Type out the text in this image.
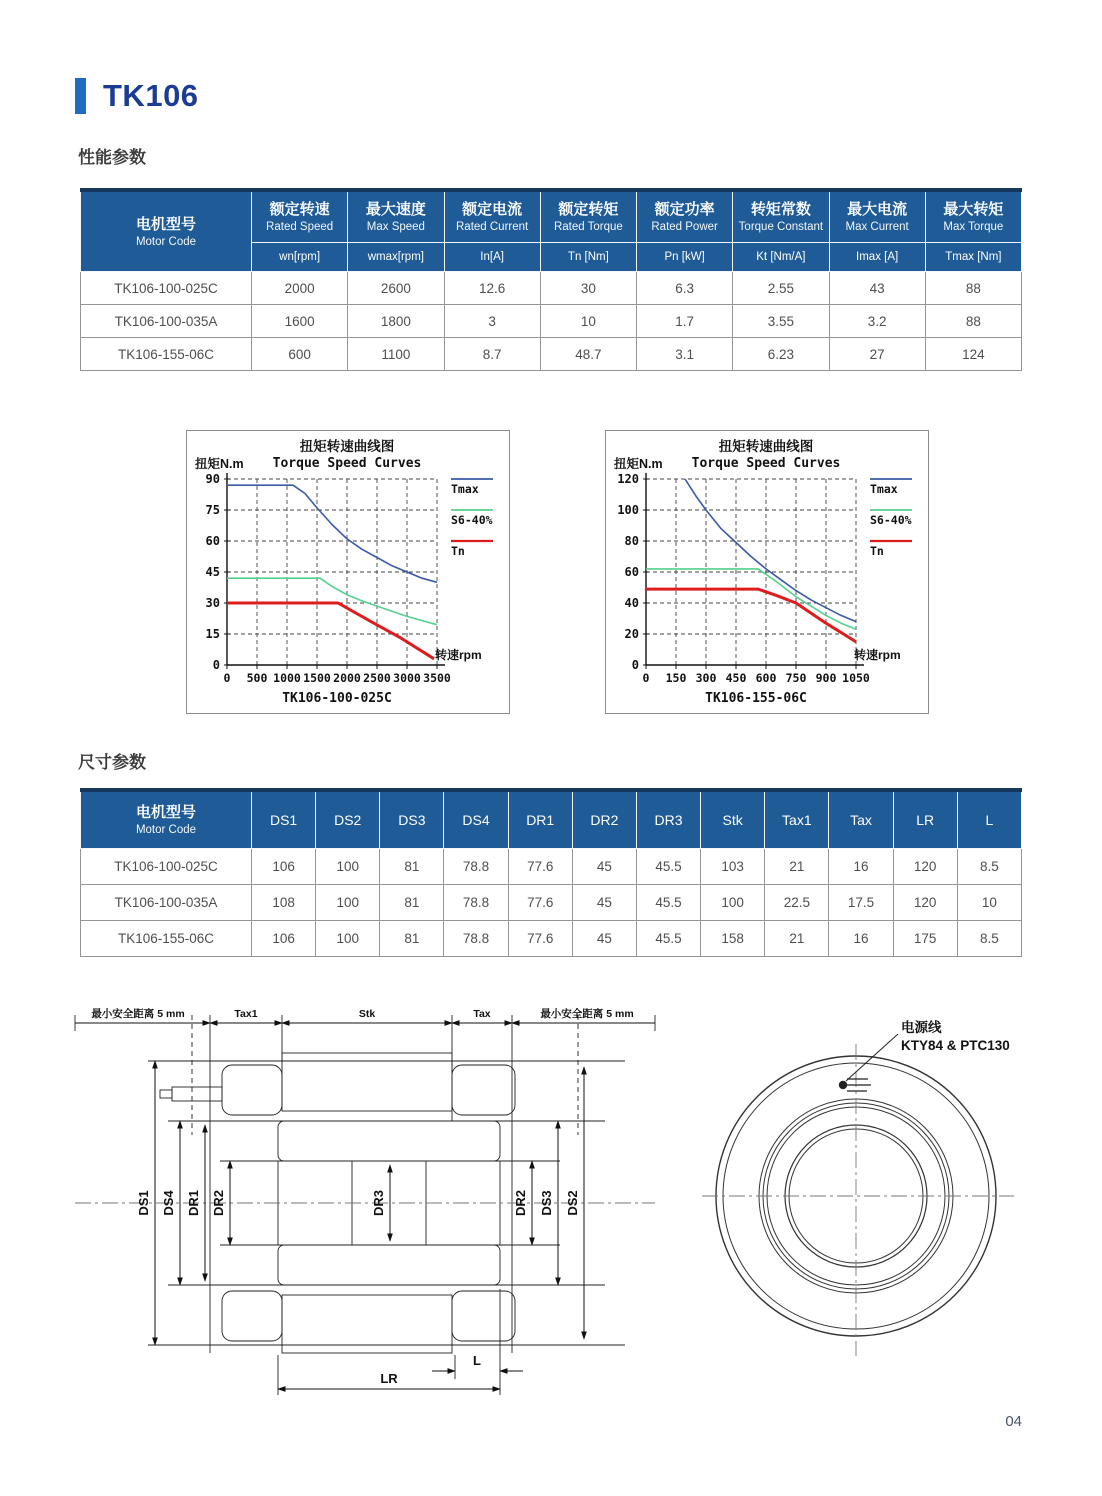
TK106
性能参数
电机型号
Motor Code

额定转速
Rated Speed

最大速度
Max Speed

额定电流
Rated Current

额定转矩
Rated Torque

额定功率
Rated Power

转矩常数
Torque Constant

最大电流
Max Current

最大转矩
Max Torque

	wn[rpm]	wmax[rpm]	In[A]	Tn [Nm]	Pn [kW]	Kt [Nm/A]	Imax [A]	Tmax [Nm]
TK106-100-025C	2000	2600	12.6	30	6.3	2.55	43	88
TK106-100-035A	1600	1800	3	10	1.7	3.55	3.2	88
TK106-155-06C	600	1100	8.7	48.7	3.1	6.23	27	124
扭矩转速曲线图
Torque Speed Curves
扭矩N.m
0
15
30
45
60
75
90
0 500 1000 1500 2000 2500 3000 3500
转速rpm
Tmax
S6-40%
Tn
TK106-100-025C
扭矩转速曲线图
Torque Speed Curves
扭矩N.m
0
20
40
60
80
100
120
0 150 300 450 600 750 900 1050
转速rpm
Tmax
S6-40%
Tn
TK106-155-06C
尺寸参数
电机型号
Motor Code	DS1	DS2	DS3	DS4	DR1	DR2	DR3	Stk	Tax1	Tax	LR	L
TK106-100-025C	106	100	81	78.8	77.6	45	45.5	103	21	16	120	8.5
TK106-100-035A	108	100	81	78.8	77.6	45	45.5	100	22.5	17.5	120	10
TK106-155-06C	106	100	81	78.8	77.6	45	45.5	158	21	16	175	8.5
最小安全距离 5 mm	Tax1	Stk	Tax	最小安全距离 5 mm
DS1 DS4 DR1 DR2	DR3	DR2 DS3 DS2
L
LR
电源线
KTY84 & PTC130
04
